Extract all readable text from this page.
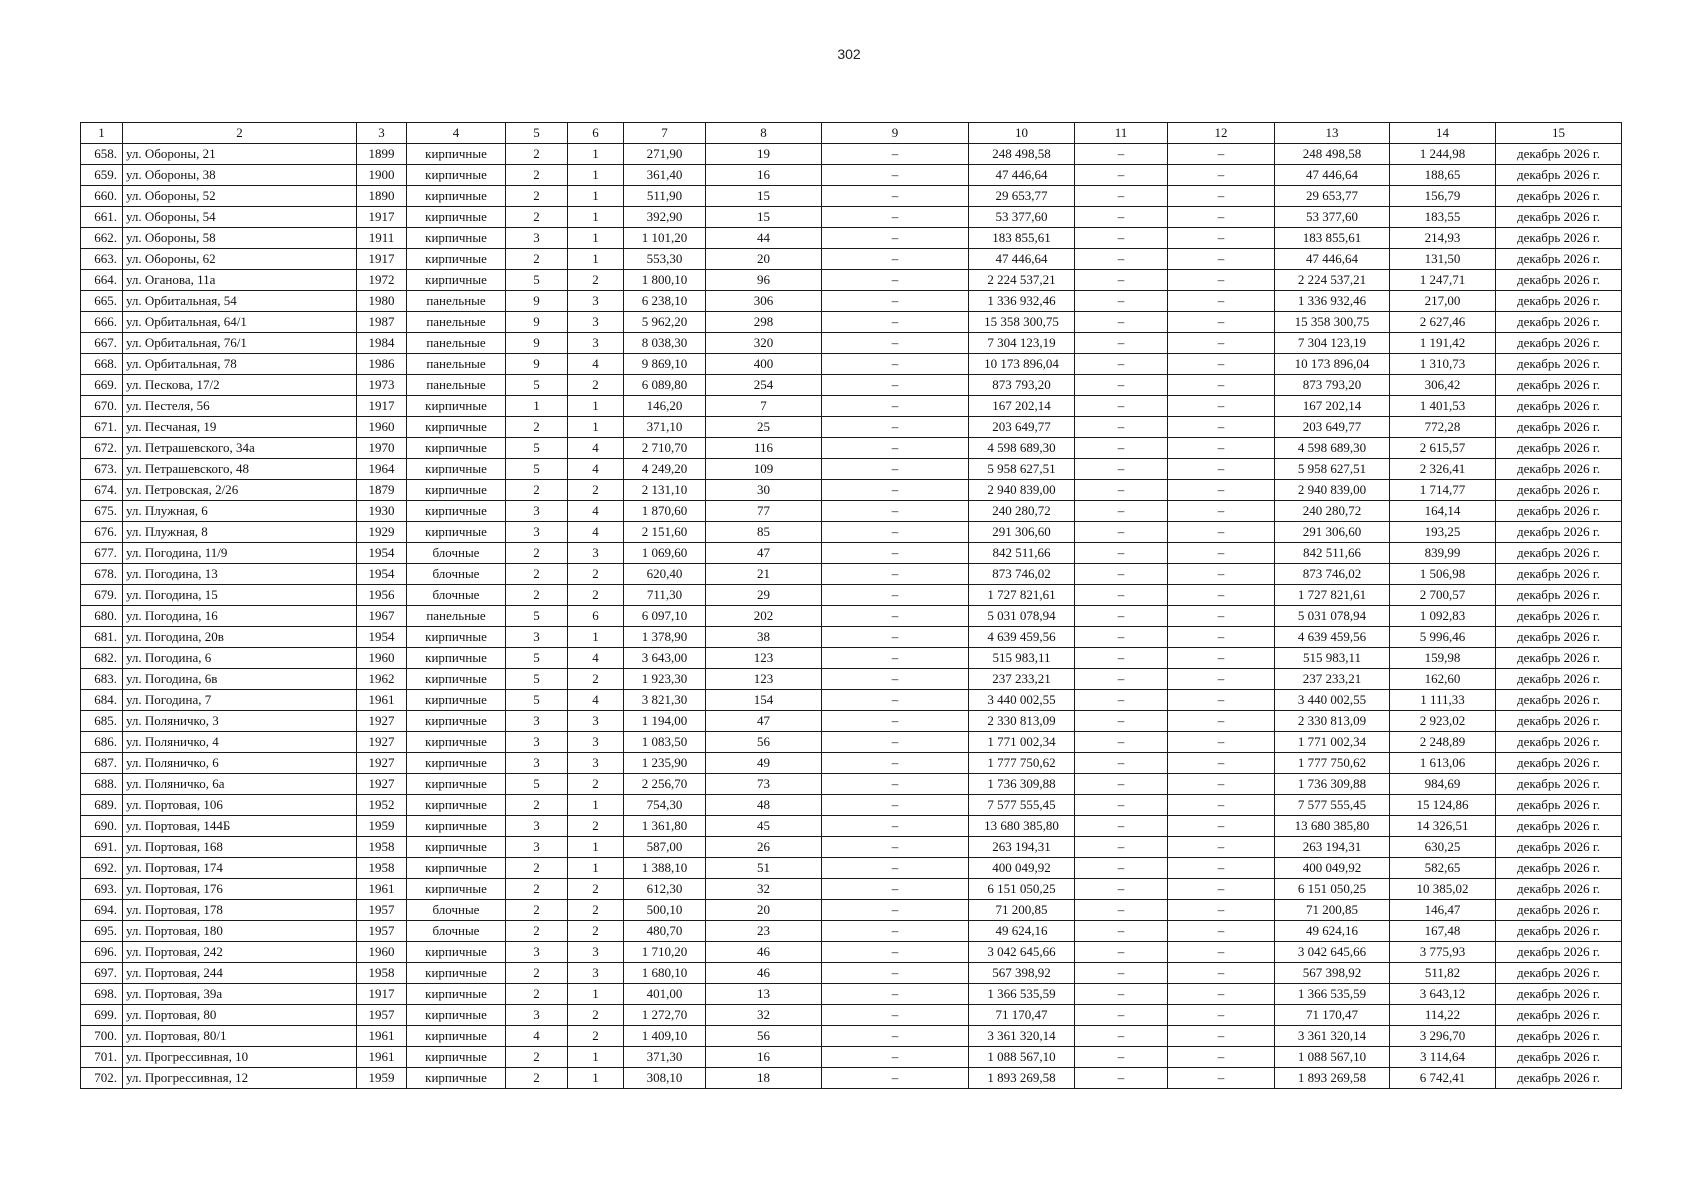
302
1	2	3	4	5	6	7	8	9	10	11	12	13	14	15
658.	ул. Обороны, 21	1899	кирпичные	2	1	271,90	19	–	248 498,58	–	–	248 498,58	1 244,98	декабрь 2026 г.
659.	ул. Обороны, 38	1900	кирпичные	2	1	361,40	16	–	47 446,64	–	–	47 446,64	188,65	декабрь 2026 г.
660.	ул. Обороны, 52	1890	кирпичные	2	1	511,90	15	–	29 653,77	–	–	29 653,77	156,79	декабрь 2026 г.
661.	ул. Обороны, 54	1917	кирпичные	2	1	392,90	15	–	53 377,60	–	–	53 377,60	183,55	декабрь 2026 г.
662.	ул. Обороны, 58	1911	кирпичные	3	1	1 101,20	44	–	183 855,61	–	–	183 855,61	214,93	декабрь 2026 г.
663.	ул. Обороны, 62	1917	кирпичные	2	1	553,30	20	–	47 446,64	–	–	47 446,64	131,50	декабрь 2026 г.
664.	ул. Оганова, 11а	1972	кирпичные	5	2	1 800,10	96	–	2 224 537,21	–	–	2 224 537,21	1 247,71	декабрь 2026 г.
665.	ул. Орбитальная, 54	1980	панельные	9	3	6 238,10	306	–	1 336 932,46	–	–	1 336 932,46	217,00	декабрь 2026 г.
666.	ул. Орбитальная, 64/1	1987	панельные	9	3	5 962,20	298	–	15 358 300,75	–	–	15 358 300,75	2 627,46	декабрь 2026 г.
667.	ул. Орбитальная, 76/1	1984	панельные	9	3	8 038,30	320	–	7 304 123,19	–	–	7 304 123,19	1 191,42	декабрь 2026 г.
668.	ул. Орбитальная, 78	1986	панельные	9	4	9 869,10	400	–	10 173 896,04	–	–	10 173 896,04	1 310,73	декабрь 2026 г.
669.	ул. Пескова, 17/2	1973	панельные	5	2	6 089,80	254	–	873 793,20	–	–	873 793,20	306,42	декабрь 2026 г.
670.	ул. Пестеля, 56	1917	кирпичные	1	1	146,20	7	–	167 202,14	–	–	167 202,14	1 401,53	декабрь 2026 г.
671.	ул. Песчаная, 19	1960	кирпичные	2	1	371,10	25	–	203 649,77	–	–	203 649,77	772,28	декабрь 2026 г.
672.	ул. Петрашевского, 34а	1970	кирпичные	5	4	2 710,70	116	–	4 598 689,30	–	–	4 598 689,30	2 615,57	декабрь 2026 г.
673.	ул. Петрашевского, 48	1964	кирпичные	5	4	4 249,20	109	–	5 958 627,51	–	–	5 958 627,51	2 326,41	декабрь 2026 г.
674.	ул. Петровская, 2/26	1879	кирпичные	2	2	2 131,10	30	–	2 940 839,00	–	–	2 940 839,00	1 714,77	декабрь 2026 г.
675.	ул. Плужная, 6	1930	кирпичные	3	4	1 870,60	77	–	240 280,72	–	–	240 280,72	164,14	декабрь 2026 г.
676.	ул. Плужная, 8	1929	кирпичные	3	4	2 151,60	85	–	291 306,60	–	–	291 306,60	193,25	декабрь 2026 г.
677.	ул. Погодина, 11/9	1954	блочные	2	3	1 069,60	47	–	842 511,66	–	–	842 511,66	839,99	декабрь 2026 г.
678.	ул. Погодина, 13	1954	блочные	2	2	620,40	21	–	873 746,02	–	–	873 746,02	1 506,98	декабрь 2026 г.
679.	ул. Погодина, 15	1956	блочные	2	2	711,30	29	–	1 727 821,61	–	–	1 727 821,61	2 700,57	декабрь 2026 г.
680.	ул. Погодина, 16	1967	панельные	5	6	6 097,10	202	–	5 031 078,94	–	–	5 031 078,94	1 092,83	декабрь 2026 г.
681.	ул. Погодина, 20в	1954	кирпичные	3	1	1 378,90	38	–	4 639 459,56	–	–	4 639 459,56	5 996,46	декабрь 2026 г.
682.	ул. Погодина, 6	1960	кирпичные	5	4	3 643,00	123	–	515 983,11	–	–	515 983,11	159,98	декабрь 2026 г.
683.	ул. Погодина, 6в	1962	кирпичные	5	2	1 923,30	123	–	237 233,21	–	–	237 233,21	162,60	декабрь 2026 г.
684.	ул. Погодина, 7	1961	кирпичные	5	4	3 821,30	154	–	3 440 002,55	–	–	3 440 002,55	1 111,33	декабрь 2026 г.
685.	ул. Поляничко, 3	1927	кирпичные	3	3	1 194,00	47	–	2 330 813,09	–	–	2 330 813,09	2 923,02	декабрь 2026 г.
686.	ул. Поляничко, 4	1927	кирпичные	3	3	1 083,50	56	–	1 771 002,34	–	–	1 771 002,34	2 248,89	декабрь 2026 г.
687.	ул. Поляничко, 6	1927	кирпичные	3	3	1 235,90	49	–	1 777 750,62	–	–	1 777 750,62	1 613,06	декабрь 2026 г.
688.	ул. Поляничко, 6а	1927	кирпичные	5	2	2 256,70	73	–	1 736 309,88	–	–	1 736 309,88	984,69	декабрь 2026 г.
689.	ул. Портовая, 106	1952	кирпичные	2	1	754,30	48	–	7 577 555,45	–	–	7 577 555,45	15 124,86	декабрь 2026 г.
690.	ул. Портовая, 144Б	1959	кирпичные	3	2	1 361,80	45	–	13 680 385,80	–	–	13 680 385,80	14 326,51	декабрь 2026 г.
691.	ул. Портовая, 168	1958	кирпичные	3	1	587,00	26	–	263 194,31	–	–	263 194,31	630,25	декабрь 2026 г.
692.	ул. Портовая, 174	1958	кирпичные	2	1	1 388,10	51	–	400 049,92	–	–	400 049,92	582,65	декабрь 2026 г.
693.	ул. Портовая, 176	1961	кирпичные	2	2	612,30	32	–	6 151 050,25	–	–	6 151 050,25	10 385,02	декабрь 2026 г.
694.	ул. Портовая, 178	1957	блочные	2	2	500,10	20	–	71 200,85	–	–	71 200,85	146,47	декабрь 2026 г.
695.	ул. Портовая, 180	1957	блочные	2	2	480,70	23	–	49 624,16	–	–	49 624,16	167,48	декабрь 2026 г.
696.	ул. Портовая, 242	1960	кирпичные	3	3	1 710,20	46	–	3 042 645,66	–	–	3 042 645,66	3 775,93	декабрь 2026 г.
697.	ул. Портовая, 244	1958	кирпичные	2	3	1 680,10	46	–	567 398,92	–	–	567 398,92	511,82	декабрь 2026 г.
698.	ул. Портовая, 39а	1917	кирпичные	2	1	401,00	13	–	1 366 535,59	–	–	1 366 535,59	3 643,12	декабрь 2026 г.
699.	ул. Портовая, 80	1957	кирпичные	3	2	1 272,70	32	–	71 170,47	–	–	71 170,47	114,22	декабрь 2026 г.
700.	ул. Портовая, 80/1	1961	кирпичные	4	2	1 409,10	56	–	3 361 320,14	–	–	3 361 320,14	3 296,70	декабрь 2026 г.
701.	ул. Прогрессивная, 10	1961	кирпичные	2	1	371,30	16	–	1 088 567,10	–	–	1 088 567,10	3 114,64	декабрь 2026 г.
702.	ул. Прогрессивная, 12	1959	кирпичные	2	1	308,10	18	–	1 893 269,58	–	–	1 893 269,58	6 742,41	декабрь 2026 г.
